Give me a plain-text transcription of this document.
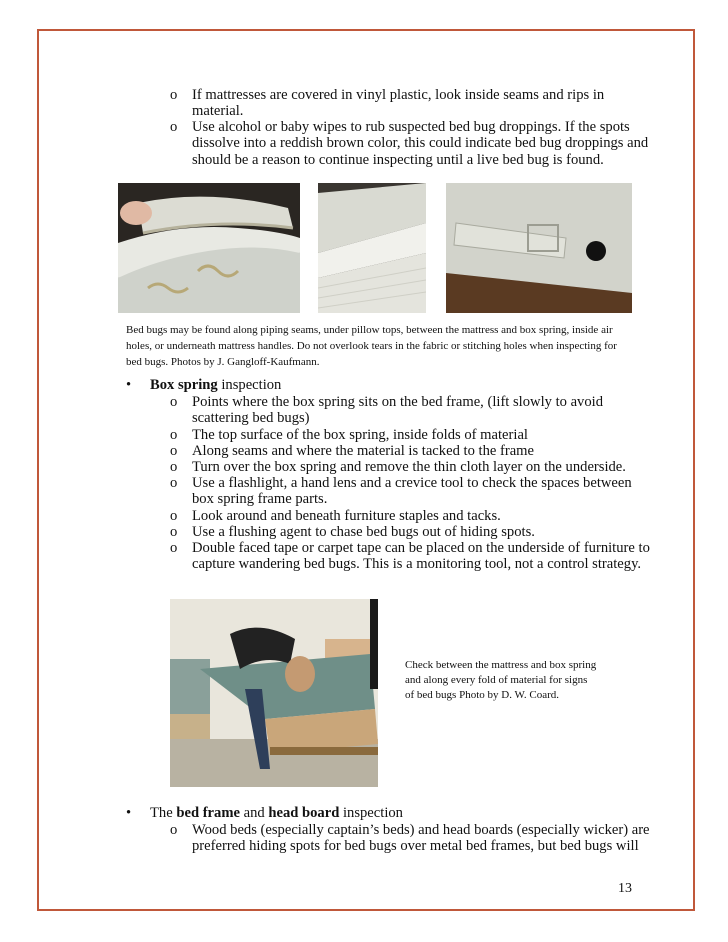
o If mattresses are covered in vinyl plastic, look inside seams and rips in material.
o Use alcohol or baby wipes to rub suspected bed bug droppings. If the spots dissolve into a reddish brown color, this could indicate bed bug droppings and should be a reason to continue inspecting until a live bed bug is found.
Bed bugs may be found along piping seams, under pillow tops, between the mattress and box spring, inside air holes, or underneath mattress handles. Do not overlook tears in the fabric or stitching holes when inspecting for bed bugs. Photos by J. Gangloff-Kaufmann.
• Box spring inspection
o Points where the box spring sits on the bed frame, (lift slowly to avoid scattering bed bugs)
o The top surface of the box spring, inside folds of material
o Along seams and where the material is tacked to the frame
o Turn over the box spring and remove the thin cloth layer on the underside.
o Use a flashlight, a hand lens and a crevice tool to check the spaces between box spring frame parts.
o Look around and beneath furniture staples and tacks.
o Use a flushing agent to chase bed bugs out of hiding spots.
o Double faced tape or carpet tape can be placed on the underside of furniture to capture wandering bed bugs. This is a monitoring tool, not a control strategy.
Check between the mattress and box spring
and along every fold of material for signs
of bed bugs Photo by D. W. Coard.
• The bed frame and head board inspection
o Wood beds (especially captain’s beds) and head boards (especially wicker) are preferred hiding spots for bed bugs over metal bed frames, but bed bugs will
13
